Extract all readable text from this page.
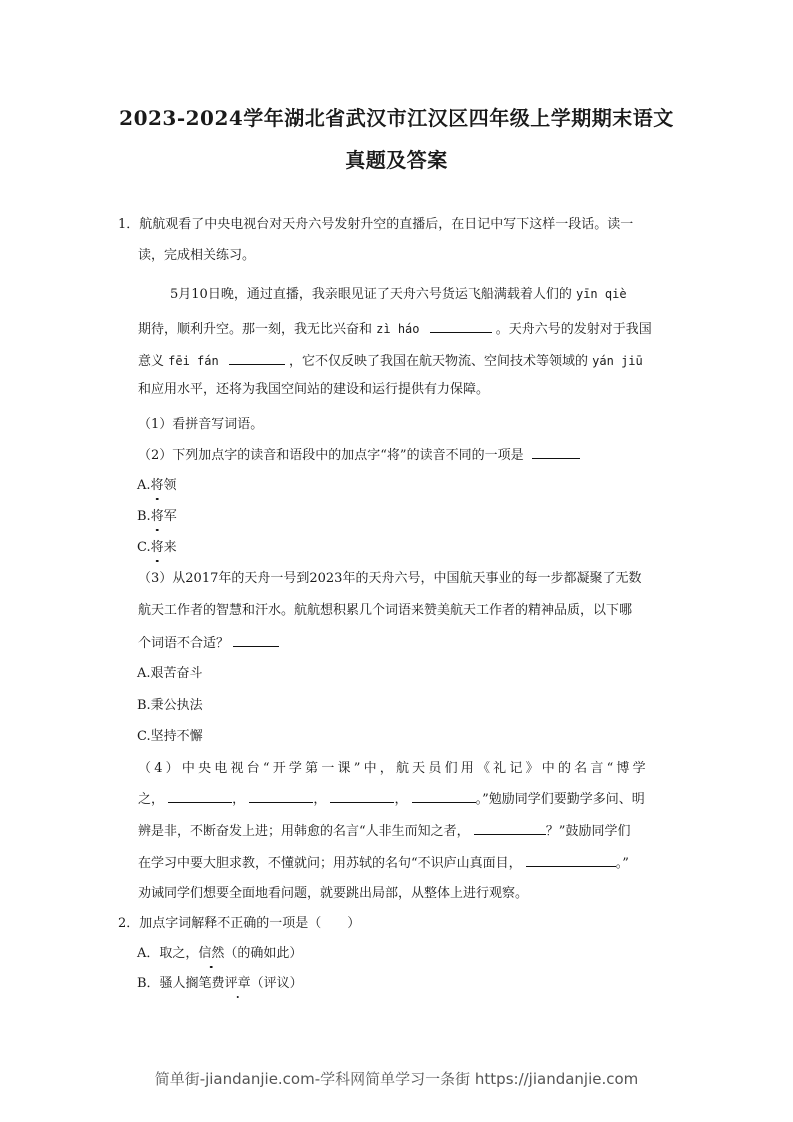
2023-2024学年湖北省武汉市江汉区四年级上学期期末语文
真题及答案
1．航航观看了中央电视台对天舟六号发射升空的直播后，在日记中写下这样一段话。读一
读，完成相关练习。
5月10日晚，通过直播，我亲眼见证了天舟六号货运飞船满载着人们的 yīn qiè
期待，顺利升空。那一刻，我无比兴奋和 zì háo	。天舟六号的发射对于我国
意义 fēi fán	，它不仅反映了我国在航天物流、空间技术等领域的 yán jiū
和应用水平，还将为我国空间站的建设和运行提供有力保障。
（1）看拼音写词语。
（2）下列加点字的读音和语段中的加点字“将”的读音不同的一项是
A.将领
B.将军
C.将来
（3）从2017年的天舟一号到2023年的天舟六号，中国航天事业的每一步都凝聚了无数
航天工作者的智慧和汗水。航航想积累几个词语来赞美航天工作者的精神品质，以下哪
个词语不合适？
A.艰苦奋斗
B.秉公执法
C.坚持不懈
（4）中央电视台“开学第一课”中，航天员们用《礼记》中的名言“博学
之，	，	，	，	。”勉励同学们要勤学多问、明
辨是非，不断奋发上进；用韩愈的名言“人非生而知之者，	？”鼓励同学们
在学习中要大胆求教，不懂就问；用苏轼的名句“不识庐山真面目，	。”
劝诫同学们想要全面地看问题，就要跳出局部，从整体上进行观察。
2．加点字词解释不正确的一项是（　　）
A．取之，信然（的确如此）
B．骚人搁笔费评章（评议）
简单街-jiandanjie.com-学科网简单学习一条街 https://jiandanjie.com
